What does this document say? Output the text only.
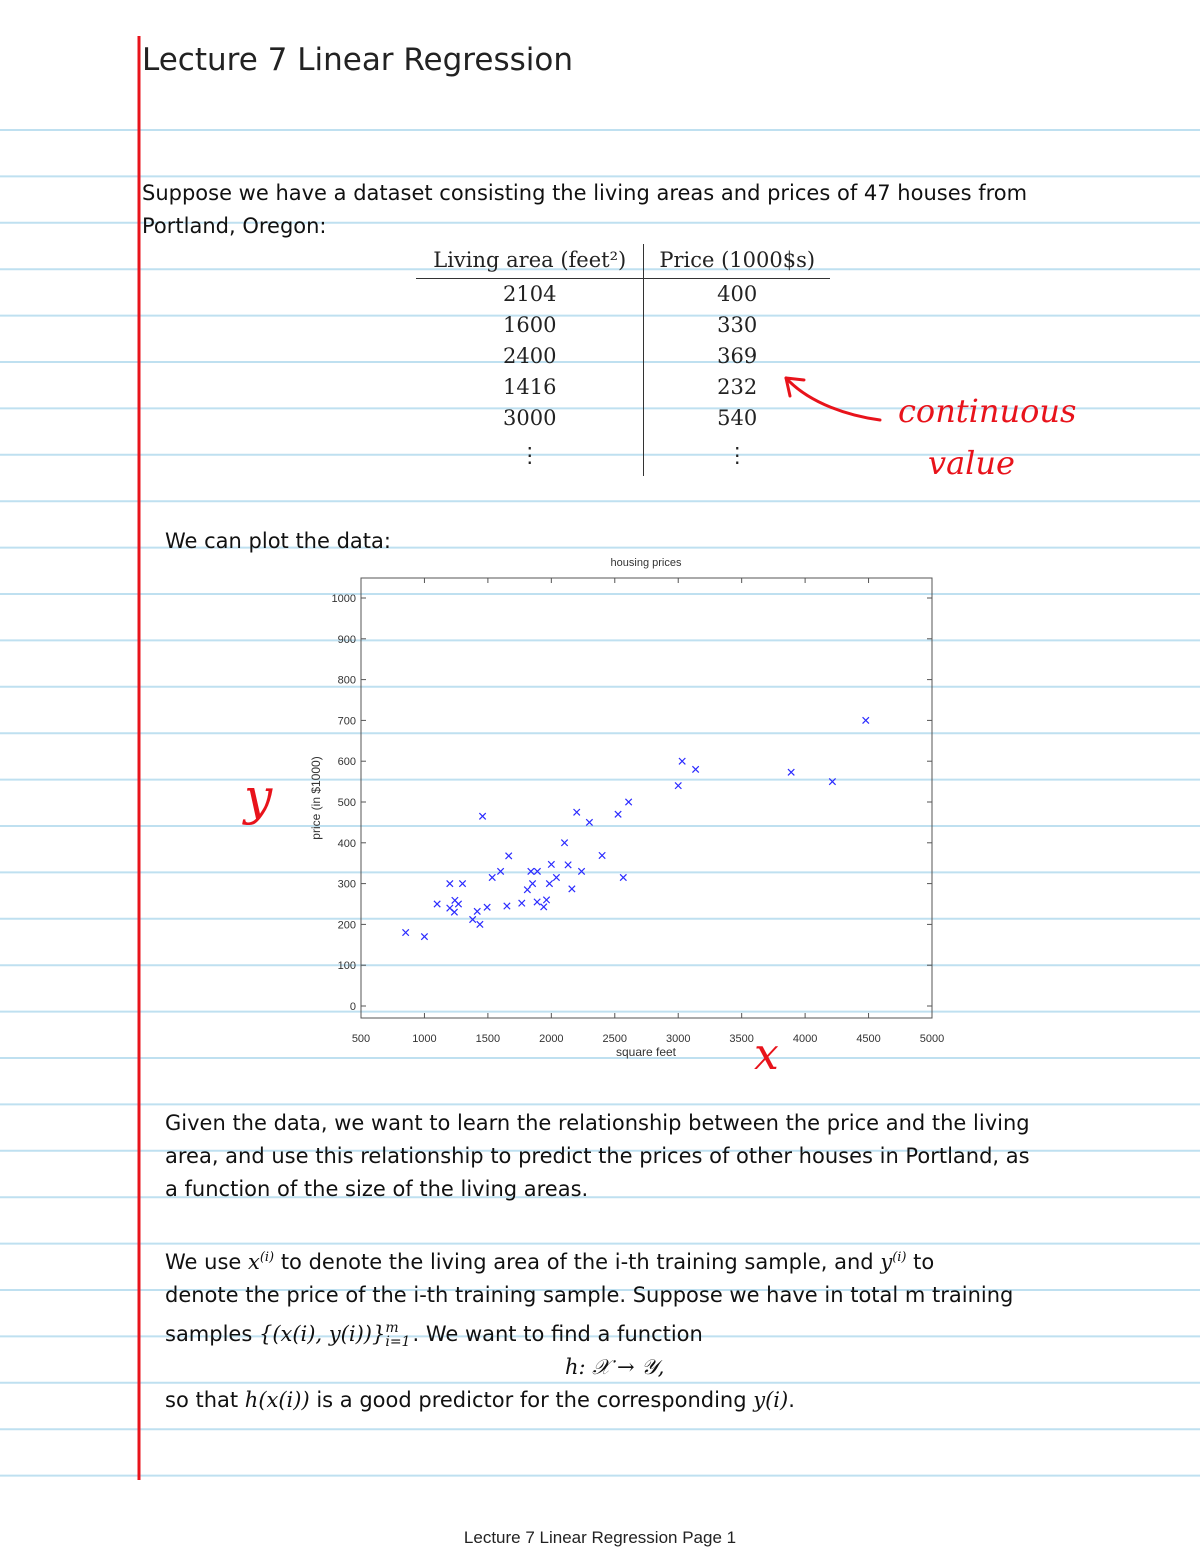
Lecture 7 Linear Regression
Suppose we have a dataset consisting the living areas and prices of 47 houses from
Portland, Oregon:
Living area (feet²)	Price (1000$s)
2104	400
1600	330
2400	369
1416	232
3000	540
⋮	⋮
continuous
value
We can plot the data:
housing prices
500	1000	1500	2000	2500	3000	3500	4000	4500	5000
0
100
200
300
400
500
600
700
800
900
1000
square feet
price (in $1000)
y
x
Given the data, we want to learn the relationship between the price and the living
area, and use this relationship to predict the prices of other houses in Portland, as
a function of the size of the living areas.
We use $x^{(i)}$ to denote the living area of the i-th training sample, and $y^{(i)}$ to
denote the price of the i-th training sample. Suppose we have in total m training
samples {(x(i), y(i))} m
i=1 . We want to find a function
h: 𝒳 → 𝒴,
so that h(x(i)) is a good predictor for the corresponding y(i).
Lecture 7 Linear Regression Page 1
